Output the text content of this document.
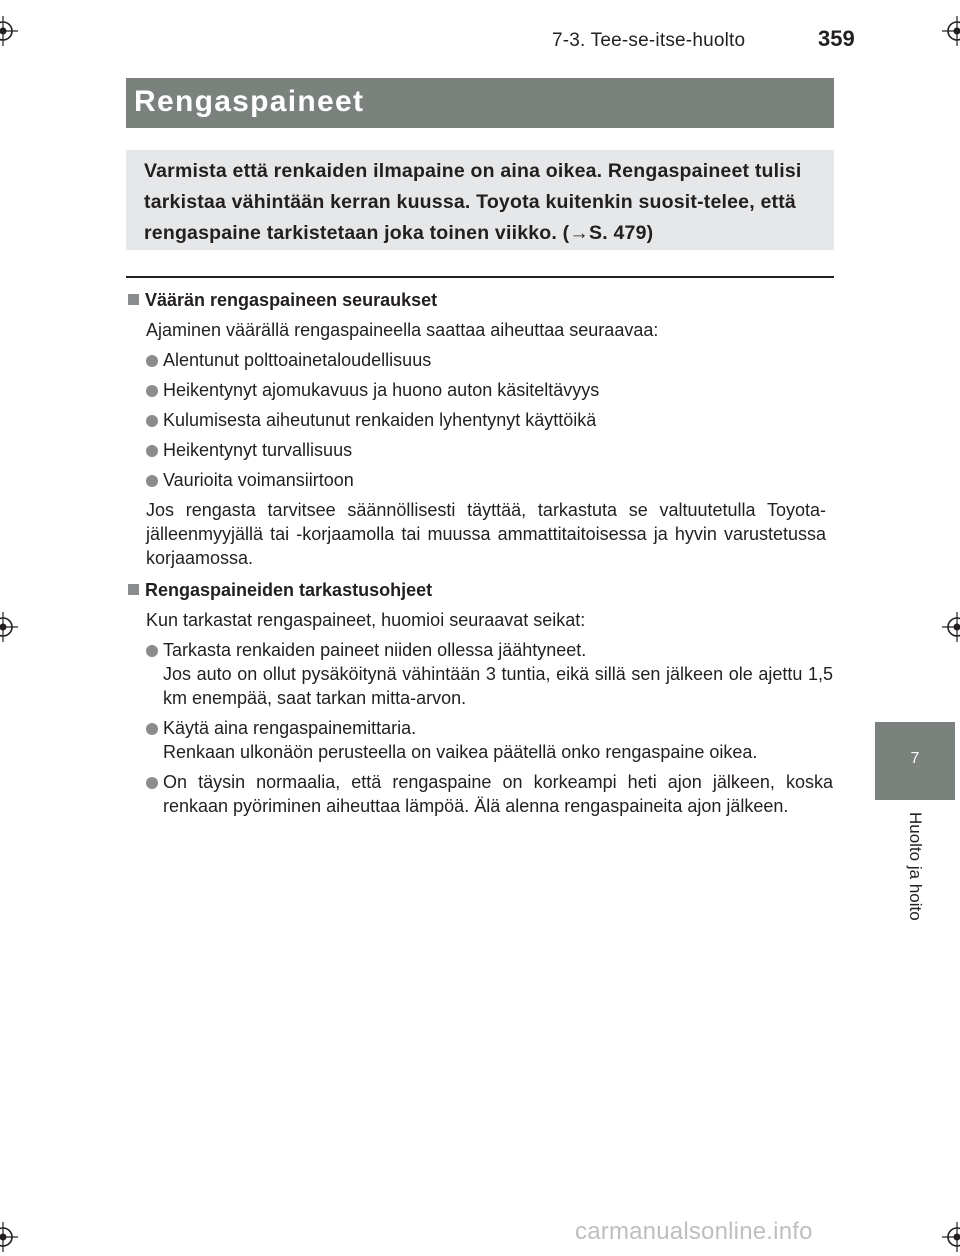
7-3. Tee-se-itse-huolto	359
Rengaspaineet

Varmista että renkaiden ilmapaine on aina oikea. Rengaspaineet tulisi tarkistaa vähintään kerran kuussa. Toyota kuitenkin suosit-telee, että rengaspaine tarkistetaan joka toinen viikko. (→S. 479)

Väärän rengaspaineen seuraukset
Ajaminen väärällä rengaspaineella saattaa aiheuttaa seuraavaa:
Alentunut polttoainetaloudellisuus
Heikentynyt ajomukavuus ja huono auton käsiteltävyys
Kulumisesta aiheutunut renkaiden lyhentynyt käyttöikä
Heikentynyt turvallisuus
Vaurioita voimansiirtoon
Jos rengasta tarvitsee säännöllisesti täyttää, tarkastuta se valtuutetulla Toyota-jälleenmyyjällä tai -korjaamolla tai muussa ammattitaitoisessa ja hyvin varustetussa korjaamossa.
Rengaspaineiden tarkastusohjeet
Kun tarkastat rengaspaineet, huomioi seuraavat seikat:
Tarkasta renkaiden paineet niiden ollessa jäähtyneet.
Jos auto on ollut pysäköitynä vähintään 3 tuntia, eikä sillä sen jälkeen ole ajettu 1,5 km enempää, saat tarkan mitta-arvon.
Käytä aina rengaspainemittaria.
Renkaan ulkonäön perusteella on vaikea päätellä onko rengaspaine oikea.
On täysin normaalia, että rengaspaine on korkeampi heti ajon jälkeen, koska renkaan pyöriminen aiheuttaa lämpöä. Älä alenna rengaspaineita ajon jälkeen.
7
Huolto ja hoito
carmanualsonline.info
